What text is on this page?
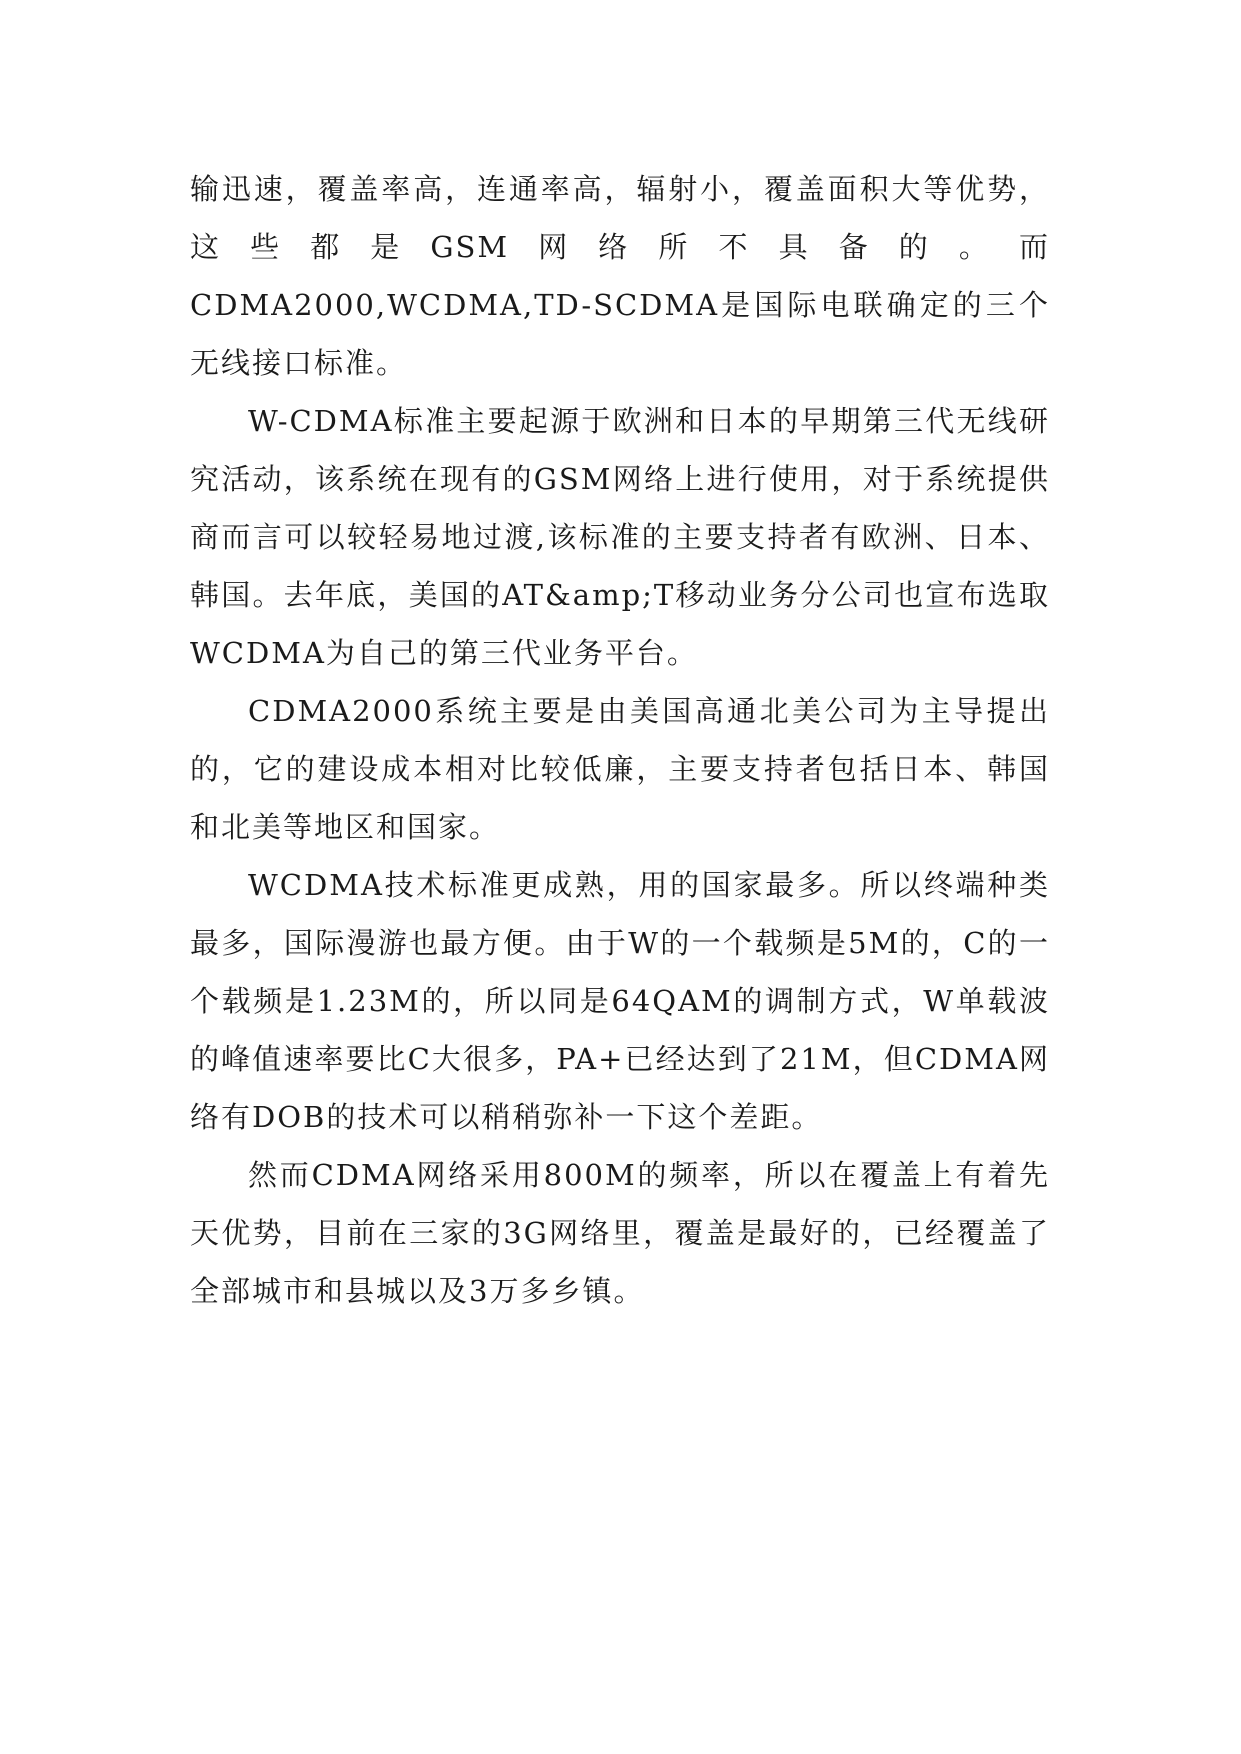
输迅速，覆盖率高，连通率高，辐射小，覆盖面积大等优势，这些都是GSM网络所不具备的。而CDMA2000,WCDMA,TD-SCDMA是国际电联确定的三个无线接口标准。

W-CDMA标准主要起源于欧洲和日本的早期第三代无线研究活动，该系统在现有的GSM网络上进行使用，对于系统提供商而言可以较轻易地过渡,该标准的主要支持者有欧洲、日本、韩国。去年底，美国的AT&amp;T移动业务分公司也宣布选取WCDMA为自己的第三代业务平台。

CDMA2000系统主要是由美国高通北美公司为主导提出的，它的建设成本相对比较低廉，主要支持者包括日本、韩国和北美等地区和国家。

WCDMA技术标准更成熟，用的国家最多。所以终端种类最多，国际漫游也最方便。由于W的一个载频是5M的，C的一个载频是1.23M的，所以同是64QAM的调制方式，W单载波的峰值速率要比C大很多，PA+已经达到了21M，但CDMA网络有DOB的技术可以稍稍弥补一下这个差距。

然而CDMA网络采用800M的频率，所以在覆盖上有着先天优势，目前在三家的3G网络里，覆盖是最好的，已经覆盖了全部城市和县城以及3万多乡镇。
